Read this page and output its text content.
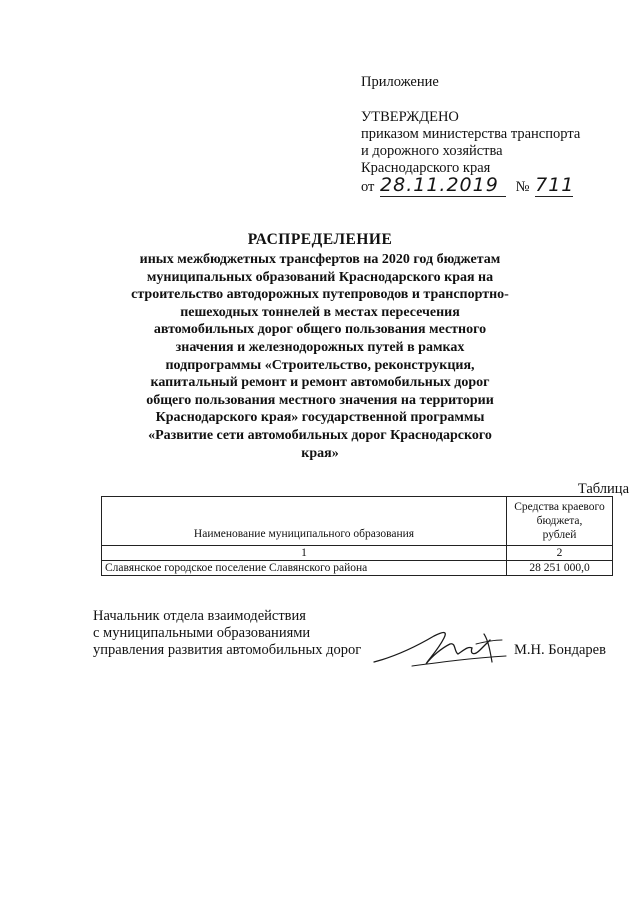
Приложение
УТВЕРЖДЕНО
приказом министерства транспорта
и дорожного хозяйства
Краснодарского края
от 28.11.2019 № 711
РАСПРЕДЕЛЕНИЕ
иных межбюджетных трансфертов на 2020 год бюджетам
муниципальных образований Краснодарского края на
строительство автодорожных путепроводов и транспортно-
пешеходных тоннелей в местах пересечения
автомобильных дорог общего пользования местного
значения и железнодорожных путей в рамках
подпрограммы «Строительство, реконструкция,
капитальный ремонт и ремонт автомобильных дорог
общего пользования местного значения на территории
Краснодарского края» государственной программы
«Развитие сети автомобильных дорог Краснодарского
края»
Таблица
Наименование муниципального образования	Средства краевого
бюджета,
рублей

1	2
Славянское городское поселение Славянского района	28 251 000,0
Начальник отдела взаимодействия
с муниципальными образованиями
управления развития автомобильных дорог	М.Н. Бондарев
